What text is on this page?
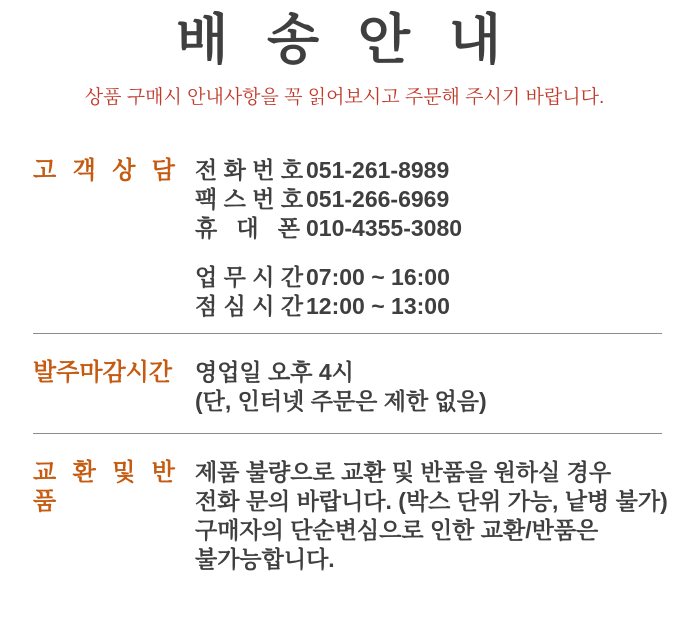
배 송 안 내

상품 구매시 안내사항을 꼭 읽어보시고 주문해 주시기 바랍니다.

고 객 상 담 전 화 번 호 051-261-8989
팩 스 번 호 051-266-6969
휴 대 폰 010-4355-3080
업 무 시 간 07:00 ~ 16:00
점 심 시 간 12:00 ~ 13:00
발주마감시간 영업일 오후 4시
(단, 인터넷 주문은 제한 없음)
교 환 및 반 품
제품 불량으로 교환 및 반품을 원하실 경우
전화 문의 바랍니다. (박스 단위 가능, 낱병 불가)
구매자의 단순변심으로 인한 교환/반품은
불가능합니다.
